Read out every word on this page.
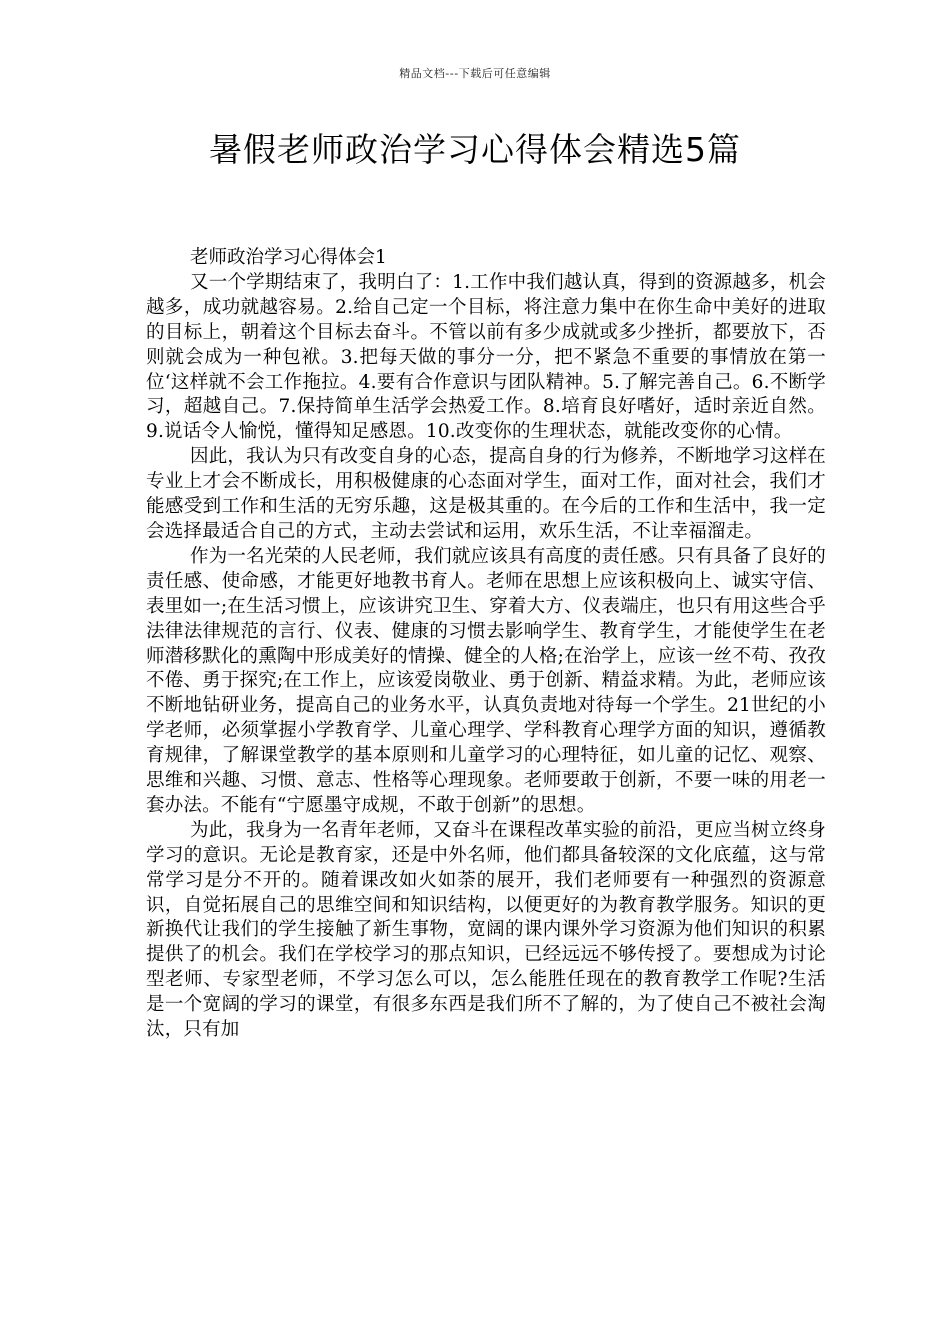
精品文档---下载后可任意编辑
暑假老师政治学习心得体会精选5篇
老师政治学习心得体会1

又一个学期结束了，我明白了：1.工作中我们越认真，得到的资源越多，机会越多，成功就越容易。2.给自己定一个目标，将注意力集中在你生命中美好的进取的目标上，朝着这个目标去奋斗。不管以前有多少成就或多少挫折，都要放下，否则就会成为一种包袱。3.把每天做的事分一分，把不紧急不重要的事情放在第一位‘这样就不会工作拖拉。4.要有合作意识与团队精神。5.了解完善自己。6.不断学习，超越自己。7.保持简单生活学会热爱工作。8.培育良好嗜好，适时亲近自然。9.说话令人愉悦，懂得知足感恩。10.改变你的生理状态，就能改变你的心情。

因此，我认为只有改变自身的心态，提高自身的行为修养，不断地学习这样在专业上才会不断成长，用积极健康的心态面对学生，面对工作，面对社会，我们才能感受到工作和生活的无穷乐趣，这是极其重的。在今后的工作和生活中，我一定会选择最适合自己的方式，主动去尝试和运用，欢乐生活，不让幸福溜走。

作为一名光荣的人民老师，我们就应该具有高度的责任感。只有具备了良好的责任感、使命感，才能更好地教书育人。老师在思想上应该积极向上、诚实守信、表里如一;在生活习惯上，应该讲究卫生、穿着大方、仪表端庄，也只有用这些合乎法律法律规范的言行、仪表、健康的习惯去影响学生、教育学生，才能使学生在老师潜移默化的熏陶中形成美好的情操、健全的人格;在治学上，应该一丝不苟、孜孜不倦、勇于探究;在工作上，应该爱岗敬业、勇于创新、精益求精。为此，老师应该不断地钻研业务，提高自己的业务水平，认真负责地对待每一个学生。21世纪的小学老师，必须掌握小学教育学、儿童心理学、学科教育心理学方面的知识，遵循教育规律，了解课堂教学的基本原则和儿童学习的心理特征，如儿童的记忆、观察、思维和兴趣、习惯、意志、性格等心理现象。老师要敢于创新，不要一味的用老一套办法。不能有“宁愿墨守成规，不敢于创新”的思想。

为此，我身为一名青年老师，又奋斗在课程改革实验的前沿，更应当树立终身学习的意识。无论是教育家，还是中外名师，他们都具备较深的文化底蕴，这与常常学习是分不开的。随着课改如火如荼的展开，我们老师要有一种强烈的资源意识，自觉拓展自己的思维空间和知识结构，以便更好的为教育教学服务。知识的更新换代让我们的学生接触了新生事物，宽阔的课内课外学习资源为他们知识的积累提供了的机会。我们在学校学习的那点知识，已经远远不够传授了。要想成为讨论型老师、专家型老师，不学习怎么可以，怎么能胜任现在的教育教学工作呢?生活是一个宽阔的学习的课堂，有很多东西是我们所不了解的，为了使自己不被社会淘汰，只有加
